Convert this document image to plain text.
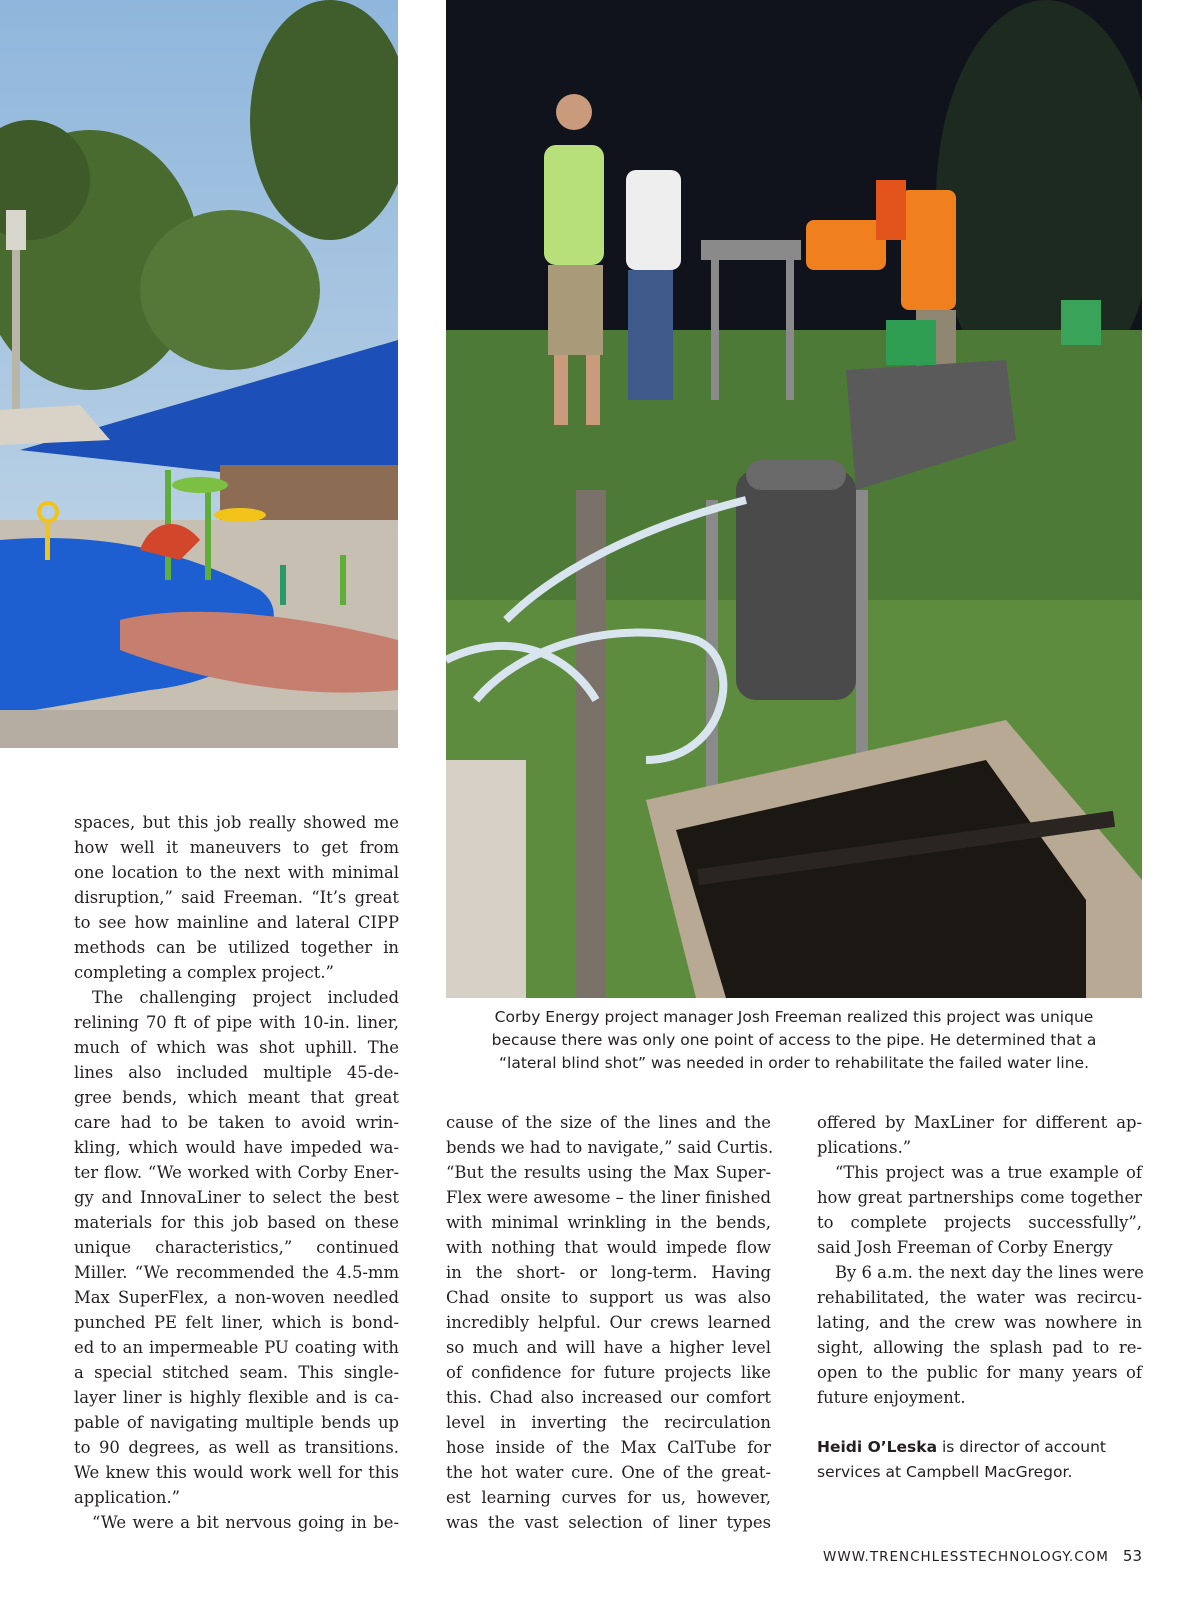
Corby Energy project manager Josh Freeman realized this project was unique

because there was only one point of access to the pipe. He determined that a

“lateral blind shot” was needed in order to rehabilitate the failed water line.

spaces, but this job really showed me

how well it maneuvers to get from

one location to the next with minimal

disruption,” said Freeman. “It’s great

to see how mainline and lateral CIPP

methods can be utilized together in

completing a complex project.”

The challenging project included

relining 70 ft of pipe with 10-in. liner,

much of which was shot uphill. The

lines also included multiple 45-de-

gree bends, which meant that great

care had to be taken to avoid wrin-

kling, which would have impeded wa-

ter flow. “We worked with Corby Ener-

gy and InnovaLiner to select the best

materials for this job based on these

unique characteristics,” continued

Miller. “We recommended the 4.5-mm

Max SuperFlex, a non-woven needled

punched PE felt liner, which is bond-

ed to an impermeable PU coating with

a special stitched seam. This single-

layer liner is highly flexible and is ca-

pable of navigating multiple bends up

to 90 degrees, as well as transitions.

We knew this would work well for this

application.”

“We were a bit nervous going in be-

cause of the size of the lines and the

bends we had to navigate,” said Curtis.

“But the results using the Max Super-

Flex were awesome – the liner finished

with minimal wrinkling in the bends,

with nothing that would impede flow

in the short- or long-term. Having

Chad onsite to support us was also

incredibly helpful. Our crews learned

so much and will have a higher level

of confidence for future projects like

this. Chad also increased our comfort

level in inverting the recirculation

hose inside of the Max CalTube for

the hot water cure. One of the great-

est learning curves for us, however,

was the vast selection of liner types

offered by MaxLiner for different ap-

plications.”

“This project was a true example of

how great partnerships come together

to complete projects successfully”,

said Josh Freeman of Corby Energy

By 6 a.m. the next day the lines were

rehabilitated, the water was recircu-

lating, and the crew was nowhere in

sight, allowing the splash pad to re-

open to the public for many years of

future enjoyment.

Heidi O’Leska is director of account

services at Campbell MacGregor.

WWW.TRENCHLESSTECHNOLOGY.COM 53
